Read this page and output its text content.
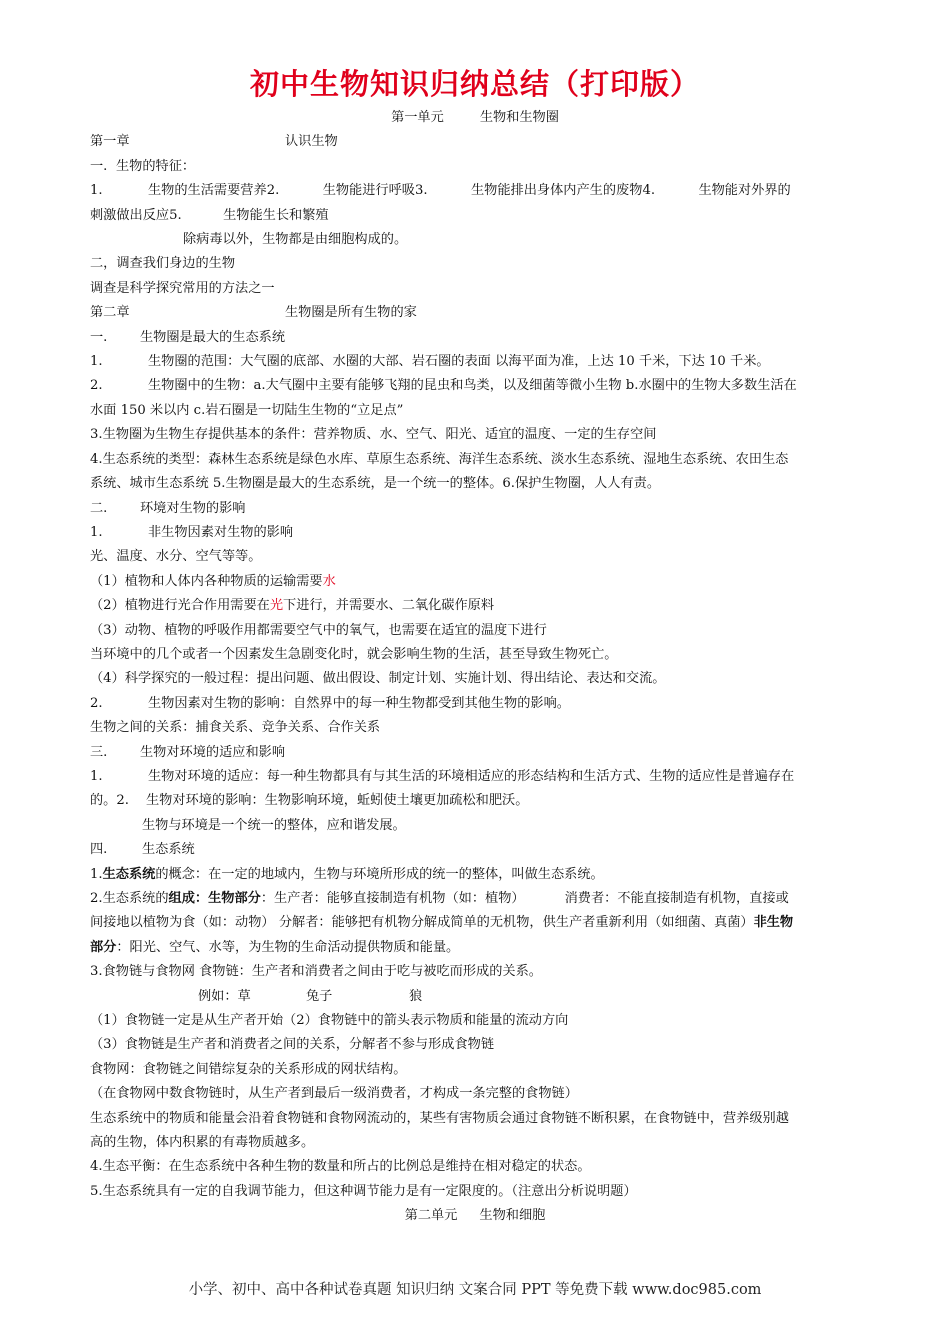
初中生物知识归纳总结（打印版）

第一单元	生物和生物圈

第一章	认识生物

一. 生物的特征：

1.	生物的生活需要营养2.	生物能进行呼吸3.	生物能排出身体内产生的废物4.	生物能对外界的

刺激做出反应5.	生物能生长和繁殖

除病毒以外，生物都是由细胞构成的。

二，调查我们身边的生物

调查是科学探究常用的方法之一

第二章	生物圈是所有生物的家

一. 生物圈是最大的生态系统

1.	生物圈的范围：大气圈的底部、水圈的大部、岩石圈的表面 以海平面为准，上达 10 千米，下达 10 千米。

2.	生物圈中的生物：a.大气圈中主要有能够飞翔的昆虫和鸟类，以及细菌等微小生物 b.水圈中的生物大多数生活在

水面 150 米以内 c.岩石圈是一切陆生生物的“立足点”

3.生物圈为生物生存提供基本的条件：营养物质、水、空气、阳光、适宜的温度、一定的生存空间

4.生态系统的类型：森林生态系统是绿色水库、草原生态系统、海洋生态系统、淡水生态系统、湿地生态系统、农田生态

系统、城市生态系统 5.生物圈是最大的生态系统，是一个统一的整体。6.保护生物圈，人人有责。

二. 环境对生物的影响

1.	非生物因素对生物的影响

光、温度、水分、空气等等。

（1）植物和人体内各种物质的运输需要水

（2）植物进行光合作用需要在光下进行，并需要水、二氧化碳作原料

（3）动物、植物的呼吸作用都需要空气中的氧气，也需要在适宜的温度下进行

当环境中的几个或者一个因素发生急剧变化时，就会影响生物的生活，甚至导致生物死亡。

（4）科学探究的一般过程：提出问题、做出假设、制定计划、实施计划、得出结论、表达和交流。

2.	生物因素对生物的影响：自然界中的每一种生物都受到其他生物的影响。

生物之间的关系：捕食关系、竞争关系、合作关系

三. 生物对环境的适应和影响

1.	生物对环境的适应：每一种生物都具有与其生活的环境相适应的形态结构和生活方式、生物的适应性是普遍存在

的。2. 生物对环境的影响：生物影响环境，蚯蚓使土壤更加疏松和肥沃。

生物与环境是一个统一的整体，应和谐发展。

四.	生态系统

1.生态系统的概念：在一定的地域内，生物与环境所形成的统一的整体，叫做生态系统。

2.生态系统的组成：生物部分：生产者：能够直接制造有机物（如：植物）	消费者：不能直接制造有机物，直接或

间接地以植物为食（如：动物） 分解者：能够把有机物分解成简单的无机物，供生产者重新利用（如细菌、真菌）非生物

部分：阳光、空气、水等，为生物的生命活动提供物质和能量。

3.食物链与食物网 食物链：生产者和消费者之间由于吃与被吃而形成的关系。

例如：草	兔子	狼

（1）食物链一定是从生产者开始（2）食物链中的箭头表示物质和能量的流动方向

（3）食物链是生产者和消费者之间的关系，分解者不参与形成食物链

食物网：食物链之间错综复杂的关系形成的网状结构。

（在食物网中数食物链时，从生产者到最后一级消费者，才构成一条完整的食物链）

生态系统中的物质和能量会沿着食物链和食物网流动的，某些有害物质会通过食物链不断积累，在食物链中，营养级别越

高的生物，体内积累的有毒物质越多。

4.生态平衡：在生态系统中各种生物的数量和所占的比例总是维持在相对稳定的状态。

5.生态系统具有一定的自我调节能力，但这种调节能力是有一定限度的。（注意出分析说明题）

第二单元 生物和细胞

小学、初中、高中各种试卷真题 知识归纳 文案合同 PPT 等免费下载 www.doc985.com
